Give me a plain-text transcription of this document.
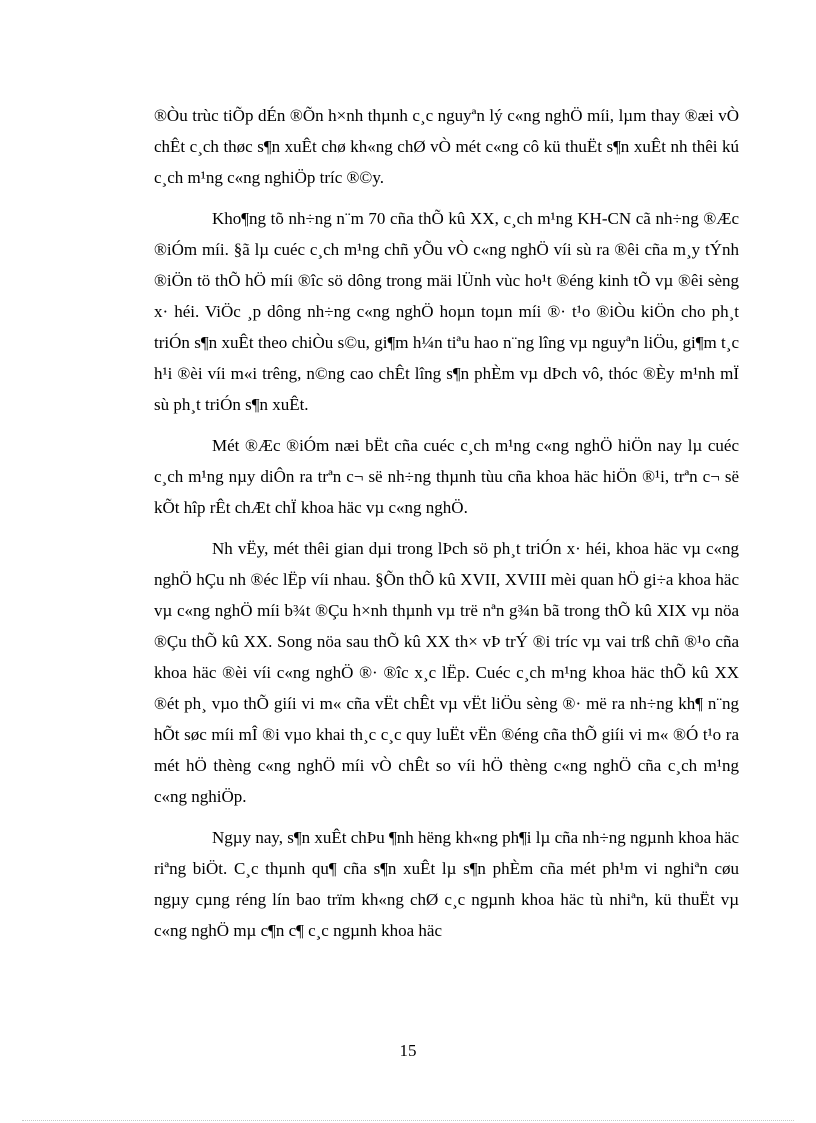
®Òu trùc tiÕp dÉn ®Õn h×nh thµnh c¸c nguyªn lý c«ng nghÖ míi, lµm thay ®æi vÒ chÊt c¸ch thøc s¶n xuÊt chø kh«ng chØ vÒ mét c«ng cô kü thuËt s¶n xuÊt nh thêi kú c¸ch m¹ng c«ng nghiÖp tríc ®©y.

Kho¶ng tõ nh÷ng n¨m 70 cña thÕ kû XX, c¸ch m¹ng KH-CN cã nh÷ng ®Æc ®iÓm míi. §ã lµ cuéc c¸ch m¹ng chñ yÕu vÒ c«ng nghÖ víi sù ra ®êi cña m¸y tÝnh ®iÖn tö thÕ hÖ míi ®îc sö dông trong mäi lÜnh vùc ho¹t ®éng kinh tÕ vµ ®êi sèng x· héi. ViÖc ¸p dông nh÷ng c«ng nghÖ hoµn toµn míi ®· t¹o ®iÒu kiÖn cho ph¸t triÓn s¶n xuÊt theo chiÒu s©u, gi¶m h¼n tiªu hao n¨ng lîng vµ nguyªn liÖu, gi¶m t¸c h¹i ®èi víi m«i trêng, n©ng cao chÊt lîng s¶n phÈm vµ dÞch vô, thóc ®Èy m¹nh mÏ sù ph¸t triÓn s¶n xuÊt.

Mét ®Æc ®iÓm næi bËt cña cuéc c¸ch m¹ng c«ng nghÖ hiÖn nay lµ cuéc c¸ch m¹ng nµy diÔn ra trªn c¬ së nh÷ng thµnh tùu cña khoa häc hiÖn ®¹i, trªn c¬ së kÕt hîp rÊt chÆt chÏ khoa häc vµ c«ng nghÖ.

Nh vËy, mét thêi gian dµi trong lÞch sö ph¸t triÓn x· héi, khoa häc vµ c«ng nghÖ hÇu nh ®éc lËp víi nhau. §Õn thÕ kû XVII, XVIII mèi quan hÖ gi÷a khoa häc vµ c«ng nghÖ míi b¾t ®Çu h×nh thµnh vµ trë nªn g¾n bã trong thÕ kû XIX vµ nöa ®Çu thÕ kû XX. Song nöa sau thÕ kû XX th× vÞ trÝ ®i tríc vµ vai trß chñ ®¹o cña khoa häc ®èi víi c«ng nghÖ ®· ®îc x¸c lËp. Cuéc c¸ch m¹ng khoa häc thÕ kû XX ®ét ph¸ vµo thÕ giíi vi m« cña vËt chÊt vµ vËt liÖu sèng ®· më ra nh÷ng kh¶ n¨ng hÕt søc míi mÎ ®i vµo khai th¸c c¸c quy luËt vËn ®éng cña thÕ giíi vi m« ®Ó t¹o ra mét hÖ thèng c«ng nghÖ míi vÒ chÊt so víi hÖ thèng c«ng nghÖ cña c¸ch m¹ng c«ng nghiÖp.

Ngµy nay, s¶n xuÊt chÞu ¶nh hëng kh«ng ph¶i lµ cña nh÷ng ngµnh khoa häc riªng biÖt. C¸c thµnh qu¶ cña s¶n xuÊt lµ s¶n phÈm cña mét ph¹m vi nghiªn cøu ngµy cµng réng lín bao trïm kh«ng chØ c¸c ngµnh khoa häc tù nhiªn, kü thuËt vµ c«ng nghÖ mµ c¶n c¶ c¸c ngµnh khoa häc

15
